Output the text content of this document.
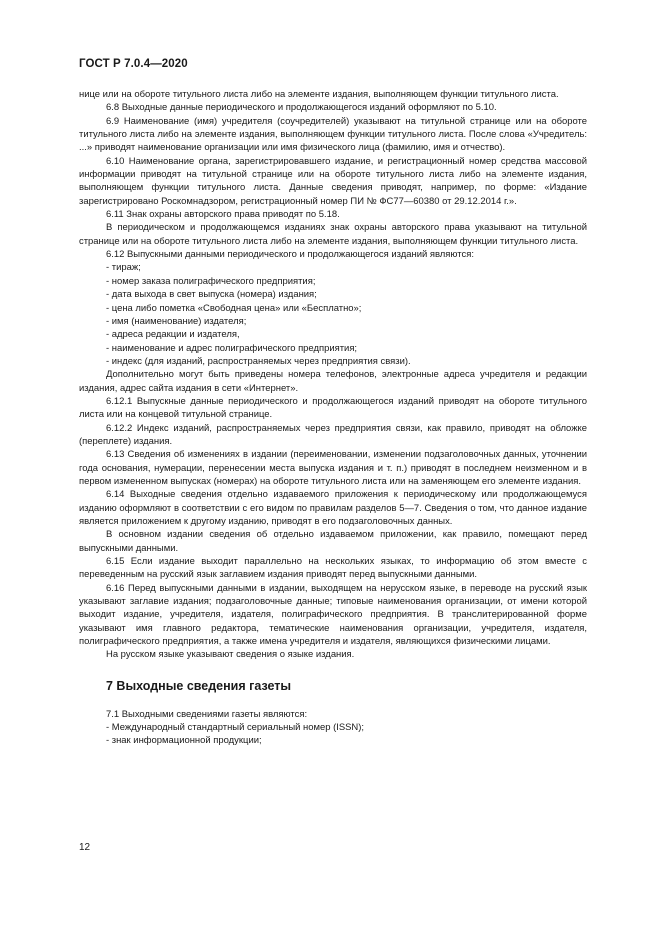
ГОСТ Р 7.0.4—2020

нице или на обороте титульного листа либо на элементе издания, выполняющем функции титульного листа.

6.8 Выходные данные периодического и продолжающегося изданий оформляют по 5.10.

6.9 Наименование (имя) учредителя (соучредителей) указывают на титульной странице или на обороте титульного листа либо на элементе издания, выполняющем функции титульного листа. После слова «Учредитель: ...» приводят наименование организации или имя физического лица (фамилию, имя и отчество).

6.10 Наименование органа, зарегистрировавшего издание, и регистрационный номер средства массовой информации приводят на титульной странице или на обороте титульного листа либо на элементе издания, выполняющем функции титульного листа. Данные сведения приводят, например, по форме: «Издание зарегистрировано Роскомнадзором, регистрационный номер ПИ № ФС77—60380 от 29.12.2014 г.».

6.11 Знак охраны авторского права приводят по 5.18.

В периодическом и продолжающемся изданиях знак охраны авторского права указывают на титульной странице или на обороте титульного листа либо на элементе издания, выполняющем функции титульного листа.

6.12 Выпускными данными периодического и продолжающегося изданий являются:

- тираж;

- номер заказа полиграфического предприятия;

- дата выхода в свет выпуска (номера) издания;

- цена либо пометка «Свободная цена» или «Бесплатно»;

- имя (наименование) издателя;

- адреса редакции и издателя,

- наименование и адрес полиграфического предприятия;

- индекс (для изданий, распространяемых через предприятия связи).

Дополнительно могут быть приведены номера телефонов, электронные адреса учредителя и редакции издания, адрес сайта издания в сети «Интернет».

6.12.1 Выпускные данные периодического и продолжающегося изданий приводят на обороте титульного листа или на концевой титульной странице.

6.12.2 Индекс изданий, распространяемых через предприятия связи, как правило, приводят на обложке (переплете) издания.

6.13 Сведения об изменениях в издании (переименовании, изменении подзаголовочных данных, уточнении года основания, нумерации, перенесении места выпуска издания и т. п.) приводят в последнем неизменном и в первом измененном выпусках (номерах) на обороте титульного листа или на заменяющем его элементе издания.

6.14 Выходные сведения отдельно издаваемого приложения к периодическому или продолжающемуся изданию оформляют в соответствии с его видом по правилам разделов 5—7. Сведения о том, что данное издание является приложением к другому изданию, приводят в его подзаголовочных данных.

В основном издании сведения об отдельно издаваемом приложении, как правило, помещают перед выпускными данными.

6.15 Если издание выходит параллельно на нескольких языках, то информацию об этом вместе с переведенным на русский язык заглавием издания приводят перед выпускными данными.

6.16 Перед выпускными данными в издании, выходящем на нерусском языке, в переводе на русский язык указывают заглавие издания; подзаголовочные данные; типовые наименования организации, от имени которой выходит издание, учредителя, издателя, полиграфического предприятия. В транслитерированной форме указывают имя главного редактора, тематические наименования организации, учредителя, издателя, полиграфического предприятия, а также имена учредителя и издателя, являющихся физическими лицами.

На русском языке указывают сведения о языке издания.

7 Выходные сведения газеты

7.1 Выходными сведениями газеты являются:

- Международный стандартный сериальный номер (ISSN);

- знак информационной продукции;

12
